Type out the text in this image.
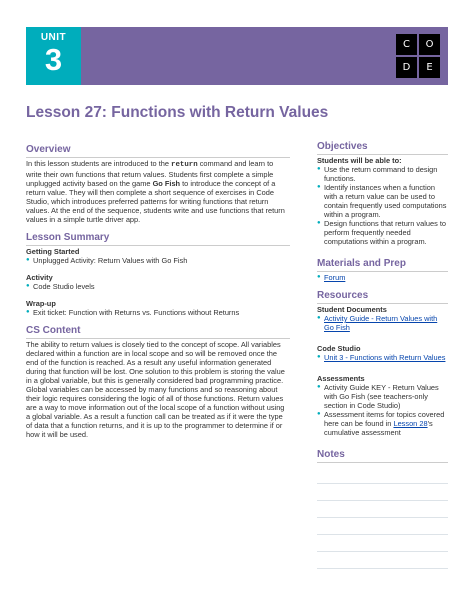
UNIT
3	C	O
D	E
Lesson 27: Functions with Return Values
Overview

In this lesson students are introduced to the return command and learn to write their own functions that return values. Students first complete a simple unplugged activity based on the game Go Fish to introduce the concept of a return value. They will then complete a short sequence of exercises in Code Studio, which introduces preferred patterns for writing functions that return values. At the end of the sequence, students write and use functions that return values in a simple turtle driver app.

Lesson Summary
Getting Started
● Unplugged Activity: Return Values with Go Fish
Activity
● Code Studio levels
Wrap-up
● Exit ticket: Function with Returns vs. Functions without Returns
CS Content

The ability to return values is closely tied to the concept of scope. All variables declared within a function are in local scope and so will be removed once the end of the function is reached. As a result any useful information generated during that function will be lost. One solution to this problem is storing the value in a global variable, but this is generally considered bad programming practice. Global variables can be accessed by many functions and so reasoning about their logic requires considering the logic of all of those functions. Return values are a way to move information out of the local scope of a function without using a global variable. As a result a function call can be treated as if it were the type of data that a function returns, and it is up to the programmer to determine if or how it will be used.

Objectives
Students will be able to:
● Use the return command to design functions.
● Identify instances when a function with a return value can be used to contain frequently used computations within a program.
● Design functions that return values to perform frequently needed computations within a program.
Materials and Prep
● Forum
Resources
Student Documents
● Activity Guide - Return Values with Go Fish
Code Studio
● Unit 3 - Functions with Return Values
Assessments
● Activity Guide KEY - Return Values with Go Fish (see teachers-only section in Code Studio)
● Assessment items for topics covered here can be found in Lesson 28's cumulative assessment
Notes
